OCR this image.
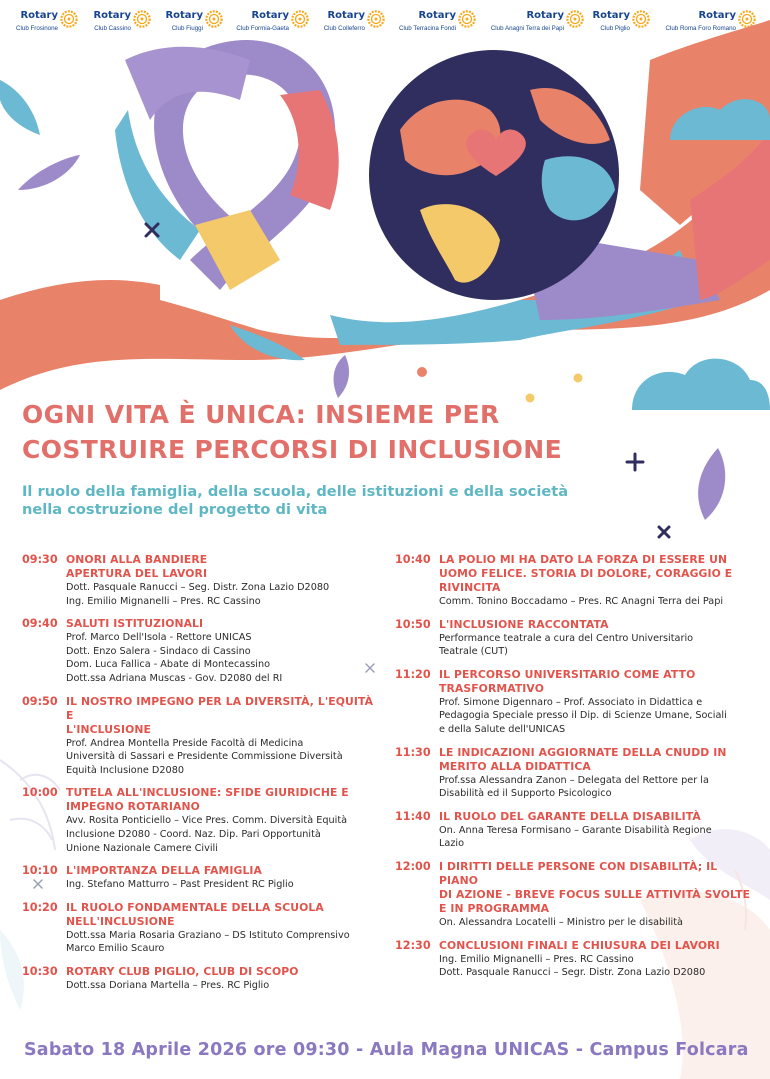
Rotary
Club Frosinone
Rotary
Club Cassino
Rotary
Club Fiuggi
Rotary
Club Formia-Gaeta
Rotary
Club Colleferro
Rotary
Club Terracina Fondi
Rotary
Club Anagni Terra dei Papi
Rotary
Club Piglio
Rotary
Club Roma Foro Romano
OGNI VITA È UNICA: INSIEME PER
COSTRUIRE PERCORSI DI INCLUSIONE

Il ruolo della famiglia, della scuola, delle istituzioni e della società
nella costruzione del progetto di vita

09:30 ONORI ALLA BANDIERE
APERTURA DEL LAVORI
Dott. Pasquale Ranucci – Seg. Distr. Zona Lazio D2080
Ing. Emilio Mignanelli – Pres. RC Cassino
09:40 SALUTI ISTITUZIONALI
Prof. Marco Dell'Isola - Rettore UNICAS
Dott. Enzo Salera - Sindaco di Cassino
Dom. Luca Fallica - Abate di Montecassino
Dott.ssa Adriana Muscas - Gov. D2080 del RI
09:50 IL NOSTRO IMPEGNO PER LA DIVERSITÀ, L'EQUITÀ E
L'INCLUSIONE
Prof. Andrea Montella Preside Facoltà di Medicina
Università di Sassari e Presidente Commissione Diversità
Equità Inclusione D2080
10:00 TUTELA ALL'INCLUSIONE: SFIDE GIURIDICHE E
IMPEGNO ROTARIANO
Avv. Rosita Ponticiello – Vice Pres. Comm. Diversità Equità
Inclusione D2080 - Coord. Naz. Dip. Pari Opportunità
Unione Nazionale Camere Civili
10:10 L'IMPORTANZA DELLA FAMIGLIA
Ing. Stefano Matturro – Past President RC Piglio
10:20 IL RUOLO FONDAMENTALE DELLA SCUOLA
NELL'INCLUSIONE
Dott.ssa Maria Rosaria Graziano – DS Istituto Comprensivo
Marco Emilio Scauro
10:30 ROTARY CLUB PIGLIO, CLUB DI SCOPO
Dott.ssa Doriana Martella – Pres. RC Piglio
10:40 LA POLIO MI HA DATO LA FORZA DI ESSERE UN
UOMO FELICE. STORIA DI DOLORE, CORAGGIO E
RIVINCITA
Comm. Tonino Boccadamo – Pres. RC Anagni Terra dei Papi
10:50 L'INCLUSIONE RACCONTATA
Performance teatrale a cura del Centro Universitario
Teatrale (CUT)
11:20 IL PERCORSO UNIVERSITARIO COME ATTO
TRASFORMATIVO
Prof. Simone Digennaro – Prof. Associato in Didattica e
Pedagogia Speciale presso il Dip. di Scienze Umane, Sociali
e della Salute dell'UNICAS
11:30 LE INDICAZIONI AGGIORNATE DELLA CNUDD IN
MERITO ALLA DIDATTICA
Prof.ssa Alessandra Zanon – Delegata del Rettore per la
Disabilità ed il Supporto Psicologico
11:40 IL RUOLO DEL GARANTE DELLA DISABILITÀ
On. Anna Teresa Formisano – Garante Disabilità Regione
Lazio
12:00 I DIRITTI DELLE PERSONE CON DISABILITÀ; IL PIANO
DI AZIONE - BREVE FOCUS SULLE ATTIVITÀ SVOLTE
E IN PROGRAMMA
On. Alessandra Locatelli – Ministro per le disabilità
12:30 CONCLUSIONI FINALI E CHIUSURA DEI LAVORI
Ing. Emilio Mignanelli – Pres. RC Cassino
Dott. Pasquale Ranucci – Segr. Distr. Zona Lazio D2080
Sabato 18 Aprile 2026 ore 09:30 - Aula Magna UNICAS - Campus Folcara
